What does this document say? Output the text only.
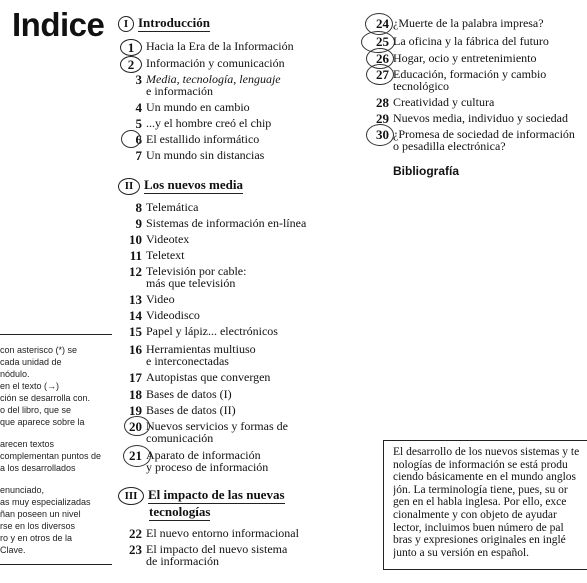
Indice	I Introducción
1 Hacia la Era de la Información
2 Información y comunicación
3 Media, tecnología, lenguaje
e información
4 Un mundo en cambio
5 ...y el hombre creó el chip
6 El estallido informático
7 Un mundo sin distancias
II Los nuevos media
8 Telemática
9 Sistemas de información en-línea
10 Videotex
11 Teletext
12 Televisión por cable:
más que televisión
13 Video
14 Videodisco
15 Papel y lápiz... electrónicos
16 Herramientas multiuso
e interconectadas
17 Autopistas que convergen
18 Bases de datos (I)
19 Bases de datos (II)
20 Nuevos servicios y formas de
comunicación
21 Aparato de información
y proceso de información
III El impacto de las nuevas
tecnologías
22 El nuevo entorno informacional
23 El impacto del nuevo sistema
de información
24 ¿Muerte de la palabra impresa?
25 La oficina y la fábrica del futuro
26 Hogar, ocio y entretenimiento
27 Educación, formación y cambio
tecnológico
28 Creatividad y cultura
29 Nuevos media, individuo y sociedad
30 ¿Promesa de sociedad de información
o pesadilla electrónica?
Bibliografía
con asterisco (*) se
cada unidad de
nódulo.
en el texto (→)
ción se desarrolla con.
o del libro, que se
que aparece sobre la
arecen textos
complementan puntos de
a los desarrollados
enunciado,
as muy especializadas
ñan poseen un nivel
rse en los diversos
ro y en otros de la
Clave.
El desarrollo de los nuevos sistemas y te
nologías de información se está produ
ciendo básicamente en el mundo anglos
jón. La terminología tiene, pues, su or
gen en el habla inglesa. Por ello, exce
cionalmente y con objeto de ayudar
lector, incluimos buen número de pal
bras y expresiones originales en inglé
junto a su versión en español.
